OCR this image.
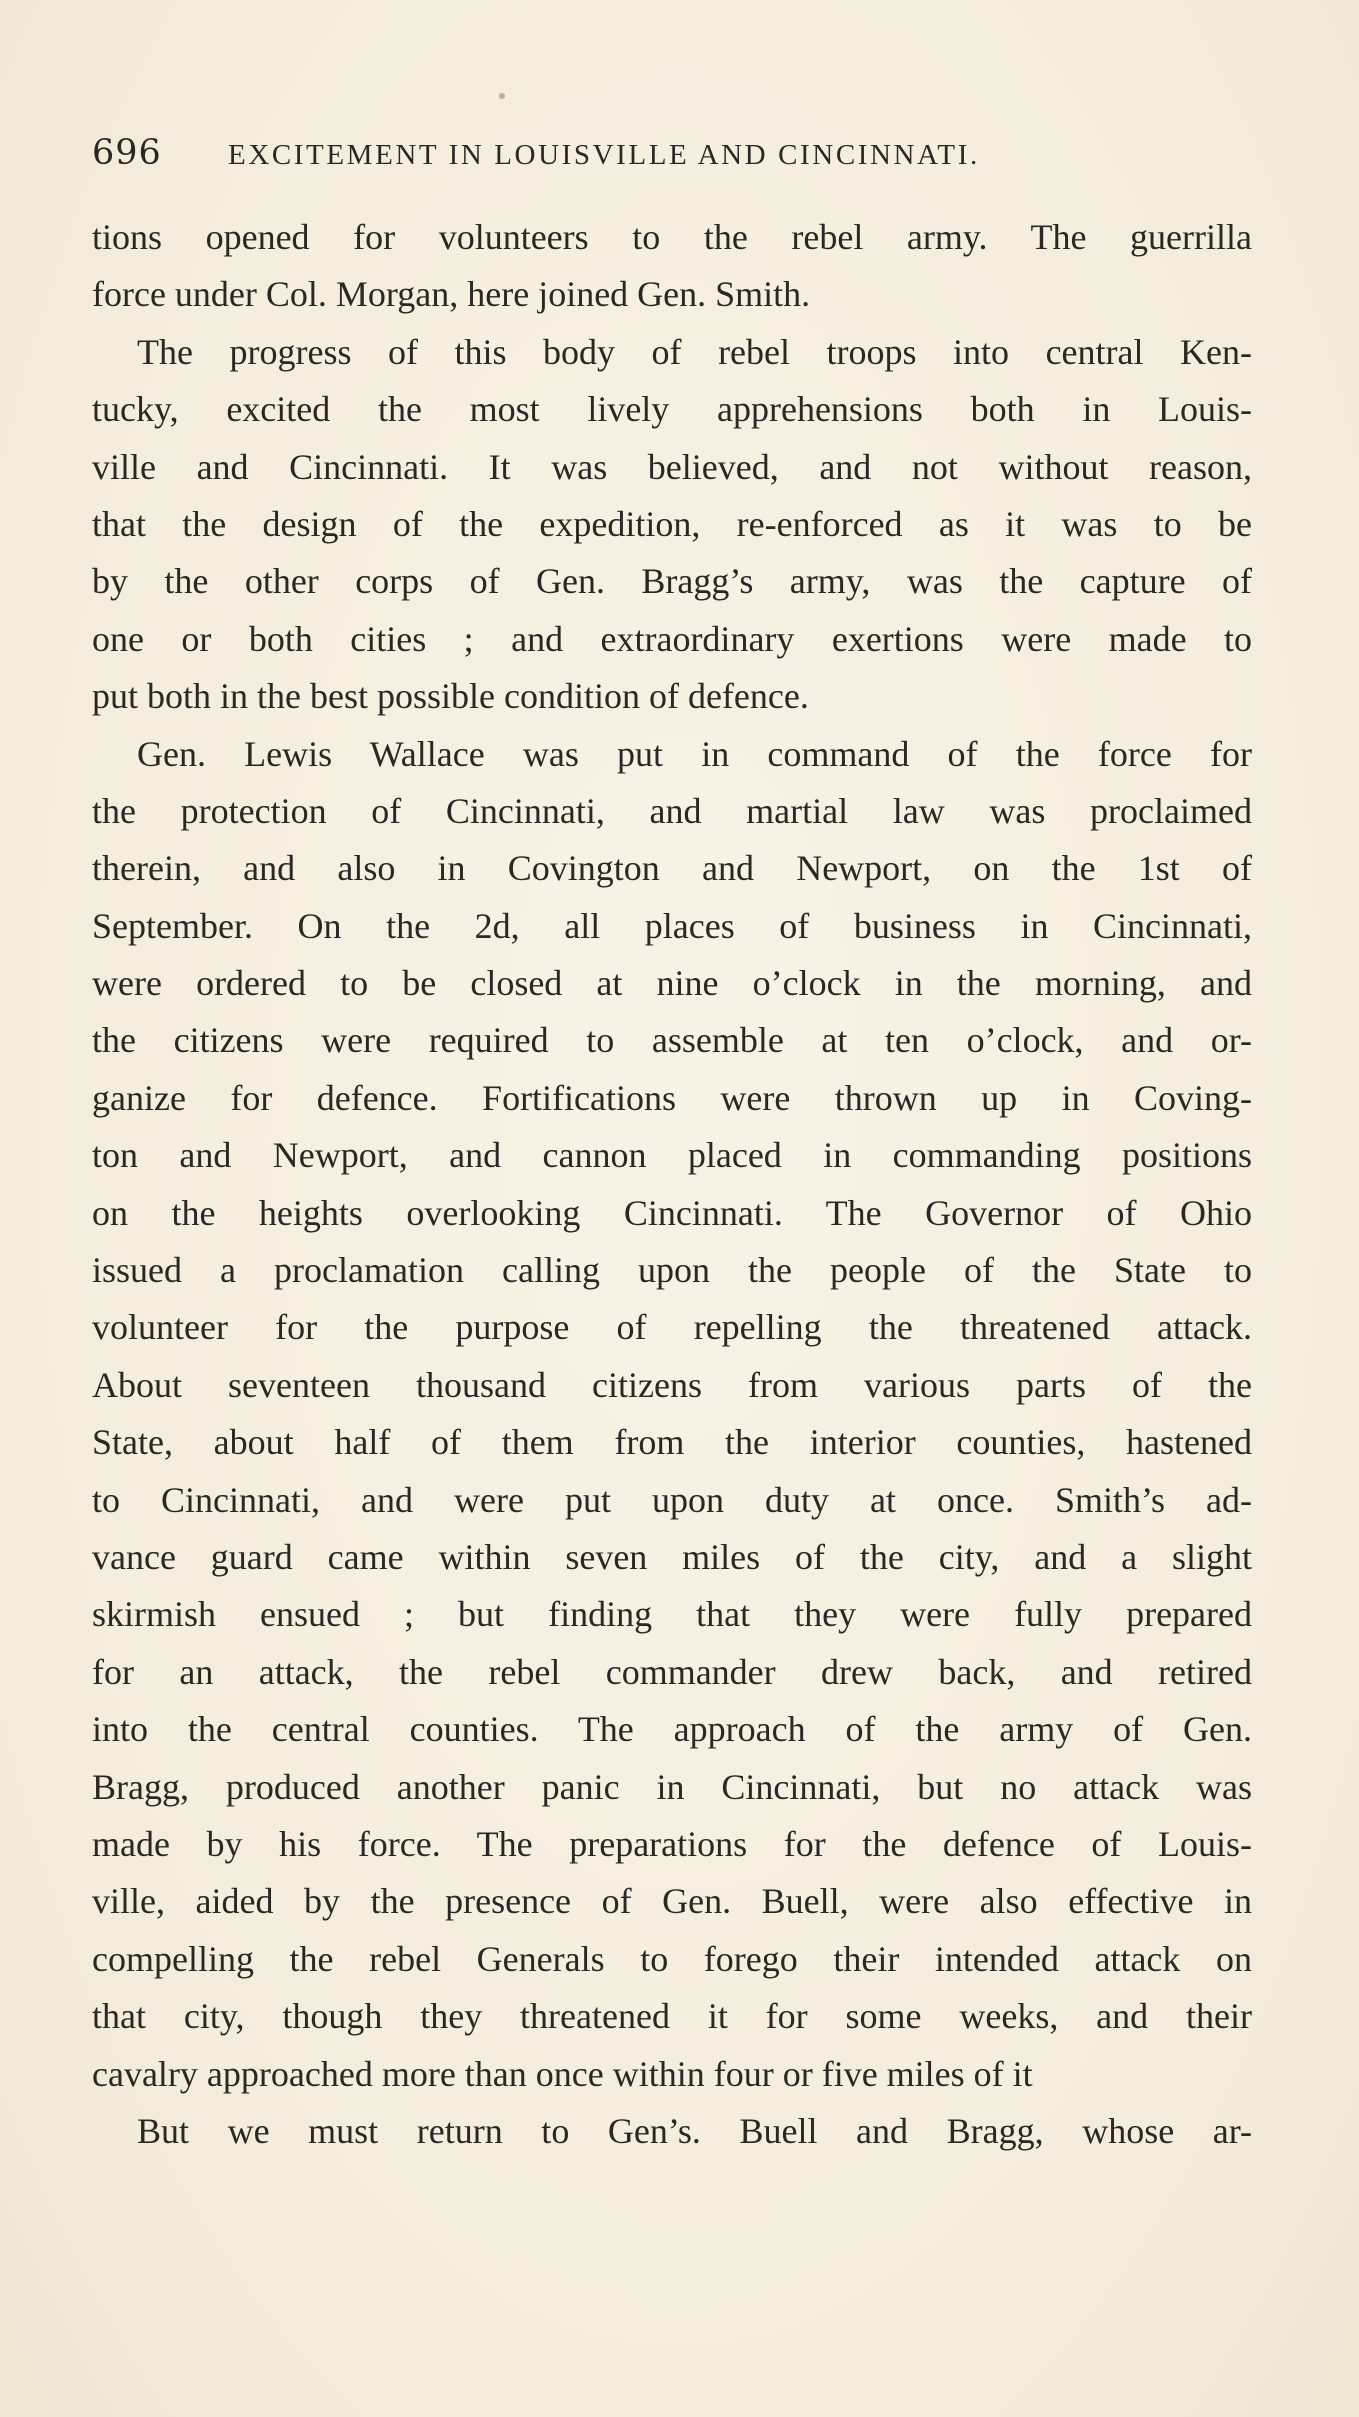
696 EXCITEMENT IN LOUISVILLE AND CINCINNATI.
tions opened for volunteers to the rebel army. The guerrilla
force under Col. Morgan, here joined Gen. Smith.
The progress of this body of rebel troops into central Ken-
tucky, excited the most lively apprehensions both in Louis-
ville and Cincinnati. It was believed, and not without reason,
that the design of the expedition, re-enforced as it was to be
by the other corps of Gen. Bragg’s army, was the capture of
one or both cities ; and extraordinary exertions were made to
put both in the best possible condition of defence.
Gen. Lewis Wallace was put in command of the force for
the protection of Cincinnati, and martial law was proclaimed
therein, and also in Covington and Newport, on the 1st of
September. On the 2d, all places of business in Cincinnati,
were ordered to be closed at nine o’clock in the morning, and
the citizens were required to assemble at ten o’clock, and or-
ganize for defence. Fortifications were thrown up in Coving-
ton and Newport, and cannon placed in commanding positions
on the heights overlooking Cincinnati. The Governor of Ohio
issued a proclamation calling upon the people of the State to
volunteer for the purpose of repelling the threatened attack.
About seventeen thousand citizens from various parts of the
State, about half of them from the interior counties, hastened
to Cincinnati, and were put upon duty at once. Smith’s ad-
vance guard came within seven miles of the city, and a slight
skirmish ensued ; but finding that they were fully prepared
for an attack, the rebel commander drew back, and retired
into the central counties. The approach of the army of Gen.
Bragg, produced another panic in Cincinnati, but no attack was
made by his force. The preparations for the defence of Louis-
ville, aided by the presence of Gen. Buell, were also effective in
compelling the rebel Generals to forego their intended attack on
that city, though they threatened it for some weeks, and their
cavalry approached more than once within four or five miles of it
But we must return to Gen’s. Buell and Bragg, whose ar-
